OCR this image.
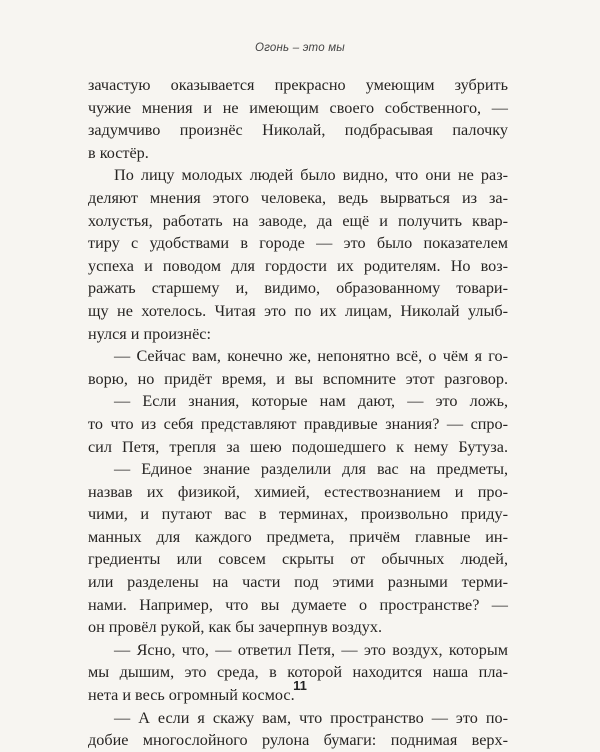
Огонь – это мы
зачастую оказывается прекрасно умеющим зубрить
чужие мнения и не имеющим своего собственного, —
задумчиво произнёс Николай, подбрасывая палочку
в костёр.
По лицу молодых людей было видно, что они не раз-
деляют мнения этого человека, ведь вырваться из за-
холустья, работать на заводе, да ещё и получить квар-
тиру с удобствами в городе — это было показателем
успеха и поводом для гордости их родителям. Но воз-
ражать старшему и, видимо, образованному товари-
щу не хотелось. Читая это по их лицам, Николай улыб-
нулся и произнёс:
— Сейчас вам, конечно же, непонятно всё, о чём я го-
ворю, но придёт время, и вы вспомните этот разговор.
— Если знания, которые нам дают, — это ложь,
то что из себя представляют правдивые знания? — спро-
сил Петя, трепля за шею подошедшего к нему Бутуза.
— Единое знание разделили для вас на предметы,
назвав их физикой, химией, естествознанием и про-
чими, и путают вас в терминах, произвольно приду-
манных для каждого предмета, причём главные ин-
гредиенты или совсем скрыты от обычных людей,
или разделены на части под этими разными терми-
нами. Например, что вы думаете о пространстве? —
он провёл рукой, как бы зачерпнув воздух.
— Ясно, что, — ответил Петя, — это воздух, которым
мы дышим, это среда, в которой находится наша пла-
нета и весь огромный космос.
— А если я скажу вам, что пространство — это по-
добие многослойного рулона бумаги: поднимая верх-
11
